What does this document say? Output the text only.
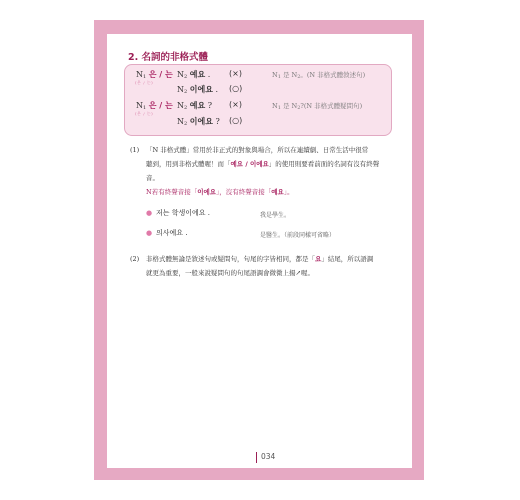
2. 名詞的非格式體
$N_1$ 은 / 는
(은 / 는)
$N_2$ 예요 . (×)	$N_1$ 是 $N_2$。(N 非格式體敘述句)
$N_2$ 이에요 . (○)
$N_1$ 은 / 는
(은 / 는)
$N_2$ 예요 ? (×)	$N_1$ 是 $N_2?(N$ 非格式體疑問句)
$N_2$ 이에요 ? (○)
(1) 「N 非格式體」常用於非正式的對象與場合，所以在連續劇、日常生活中很常
聽到，用到非格式體喔！而「예요 / 이에요」的使用則要看前面的名詞有沒有終聲
音。
N若有終聲音接「이에요」，沒有終聲音接「예요」。
● 저는 학생이에요 .	我是學生。
● 의사예요 .	是醫生。（前段同樣可省略）
(2) 非格式體無論是敘述句或疑問句，句尾的字皆相同，都是「요」結尾，所以語調
就更為重要，一般來說疑問句的句尾語調會微微上揚↗喔。
034
